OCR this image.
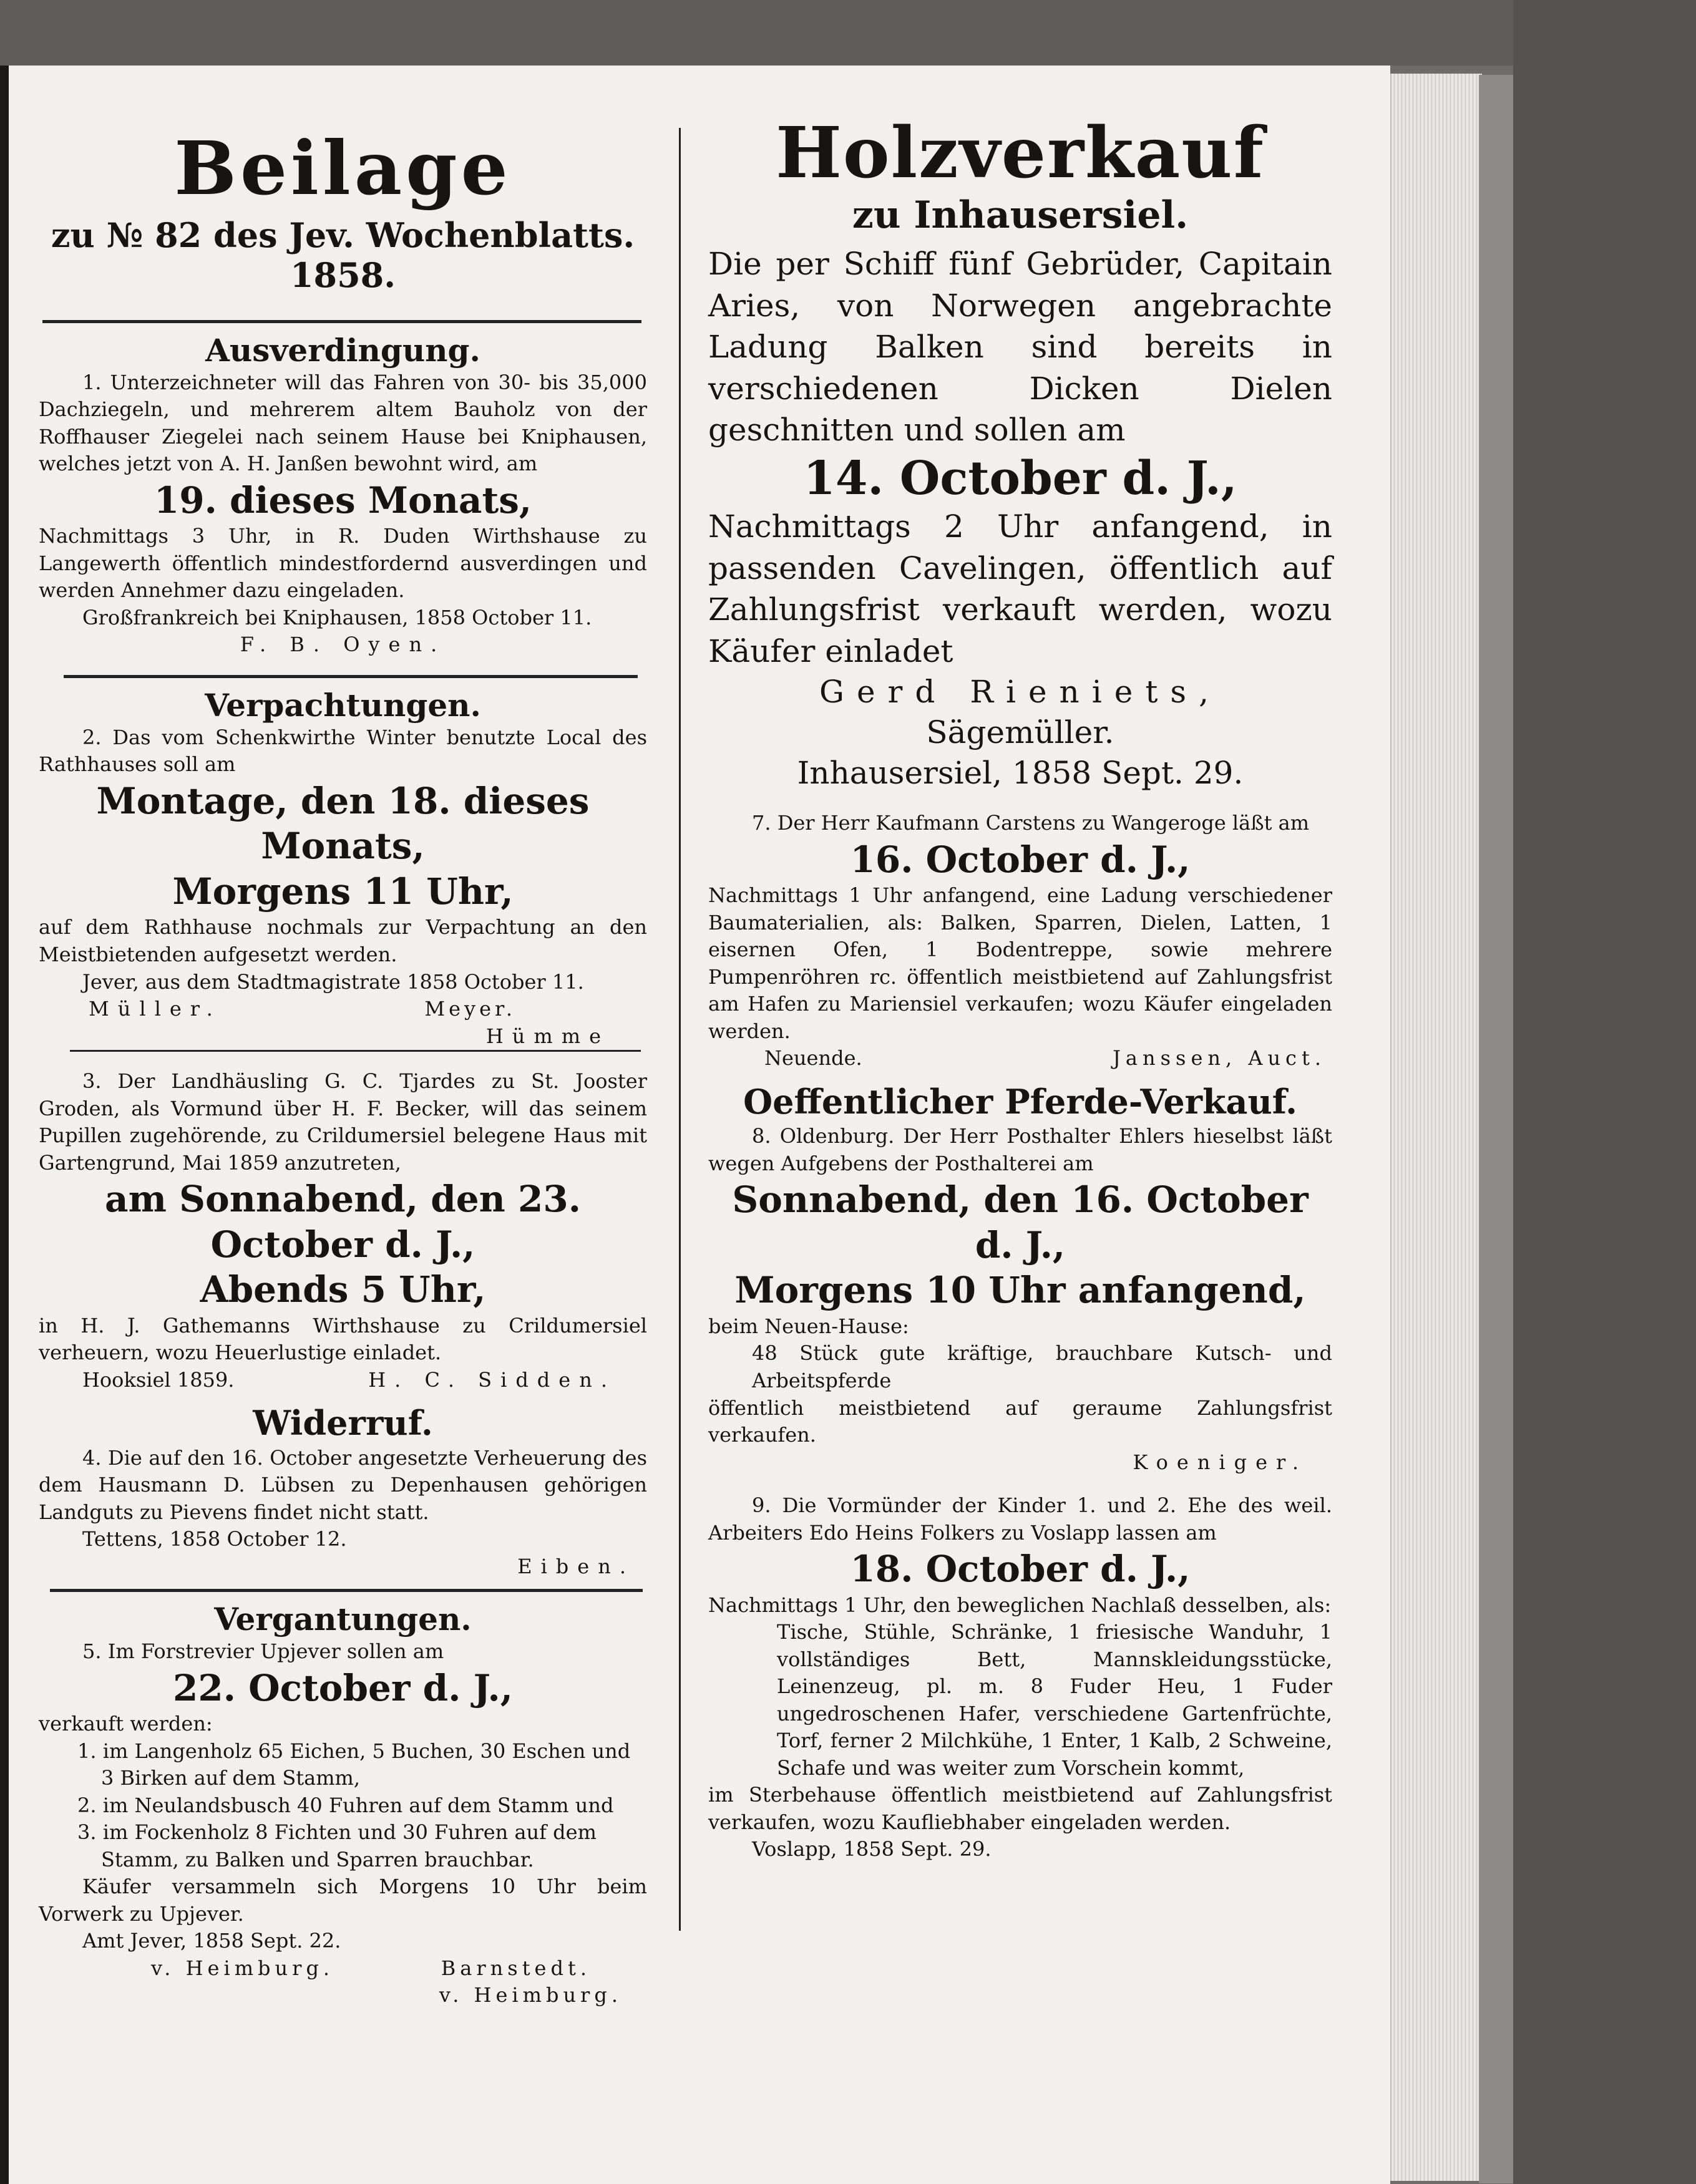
Beilage

zu № 82 des Jev. Wochenblatts. 1858.

Ausverdingung.

1. Unterzeichneter will das Fahren von 30- bis 35,000 Dachziegeln, und mehrerem altem Bauholz von der Roffhauser Ziegelei nach seinem Hause bei Kniphausen, welches jetzt von A. H. Janßen bewohnt wird, am

19. dieses Monats,

Nachmittags 3 Uhr, in R. Duden Wirthshause zu Langewerth öffentlich mindestfordernd ausverdingen und werden Annehmer dazu eingeladen.

Großfrankreich bei Kniphausen, 1858 October 11.

F. B. Oyen.

Verpachtungen.

2. Das vom Schenkwirthe Winter benutzte Local des Rathhauses soll am

Montage, den 18. dieses Monats,

Morgens 11 Uhr,

auf dem Rathhause nochmals zur Verpachtung an den Meistbietenden aufgesetzt werden.

Jever, aus dem Stadtmagistrate 1858 October 11.

Müller.	Meyer.

Hümme

3. Der Landhäusling G. C. Tjardes zu St. Jooster Groden, als Vormund über H. F. Becker, will das seinem Pupillen zugehörende, zu Crildumersiel belegene Haus mit Gartengrund, Mai 1859 anzutreten,

am Sonnabend, den 23. October d. J.,

Abends 5 Uhr,

in H. J. Gathemanns Wirthshause zu Crildumersiel verheuern, wozu Heuerlustige einladet.

Hooksiel 1859.	H. C. Sidden.
Widerruf.

4. Die auf den 16. October angesetzte Verheuerung des dem Hausmann D. Lübsen zu Depenhausen gehörigen Landguts zu Pievens findet nicht statt.

Tettens, 1858 October 12.

Eiben.

Vergantungen.

5. Im Forstrevier Upjever sollen am

22. October d. J.,

verkauft werden:

1. im Langenholz 65 Eichen, 5 Buchen, 30 Eschen und 3 Birken auf dem Stamm,
2. im Neulandsbusch 40 Fuhren auf dem Stamm und
3. im Fockenholz 8 Fichten und 30 Fuhren auf dem Stamm, zu Balken und Sparren brauchbar.

Käufer versammeln sich Morgens 10 Uhr beim Vorwerk zu Upjever.

Amt Jever, 1858 Sept. 22.

v. Heimburg.	Barnstedt.

v. Heimburg.

Holzverkauf

zu Inhausersiel.

Die per Schiff fünf Gebrüder, Capitain Aries, von Norwegen angebrachte Ladung Balken sind bereits in verschiedenen Dicken Dielen geschnitten und sollen am

14. October d. J.,

Nachmittags 2 Uhr anfangend, in passenden Cavelingen, öffentlich auf Zahlungsfrist verkauft werden, wozu Käufer einladet

Gerd Rieniets,

Sägemüller.

Inhausersiel, 1858 Sept. 29.

7. Der Herr Kaufmann Carstens zu Wangeroge läßt am

16. October d. J.,

Nachmittags 1 Uhr anfangend, eine Ladung verschiedener Baumaterialien, als: Balken, Sparren, Dielen, Latten, 1 eisernen Ofen, 1 Bodentreppe, sowie mehrere Pumpenröhren rc. öffentlich meistbietend auf Zahlungsfrist am Hafen zu Mariensiel verkaufen; wozu Käufer eingeladen werden.

Neuende.	Janssen, Auct.
Oeffentlicher Pferde-Verkauf.

8. Oldenburg. Der Herr Posthalter Ehlers hieselbst läßt wegen Aufgebens der Posthalterei am

Sonnabend, den 16. October d. J.,

Morgens 10 Uhr anfangend,

beim Neuen-Hause:

48 Stück gute kräftige, brauchbare Kutsch- und Arbeitspferde

öffentlich meistbietend auf geraume Zahlungsfrist verkaufen.

Koeniger.

9. Die Vormünder der Kinder 1. und 2. Ehe des weil. Arbeiters Edo Heins Folkers zu Voslapp lassen am

18. October d. J.,

Nachmittags 1 Uhr, den beweglichen Nachlaß desselben, als:

Tische, Stühle, Schränke, 1 friesische Wanduhr, 1 vollständiges Bett, Mannskleidungsstücke, Leinenzeug, pl. m. 8 Fuder Heu, 1 Fuder ungedroschenen Hafer, verschiedene Gartenfrüchte, Torf, ferner 2 Milchkühe, 1 Enter, 1 Kalb, 2 Schweine, Schafe und was weiter zum Vorschein kommt,

im Sterbehause öffentlich meistbietend auf Zahlungsfrist verkaufen, wozu Kaufliebhaber eingeladen werden.

Voslapp, 1858 Sept. 29.
